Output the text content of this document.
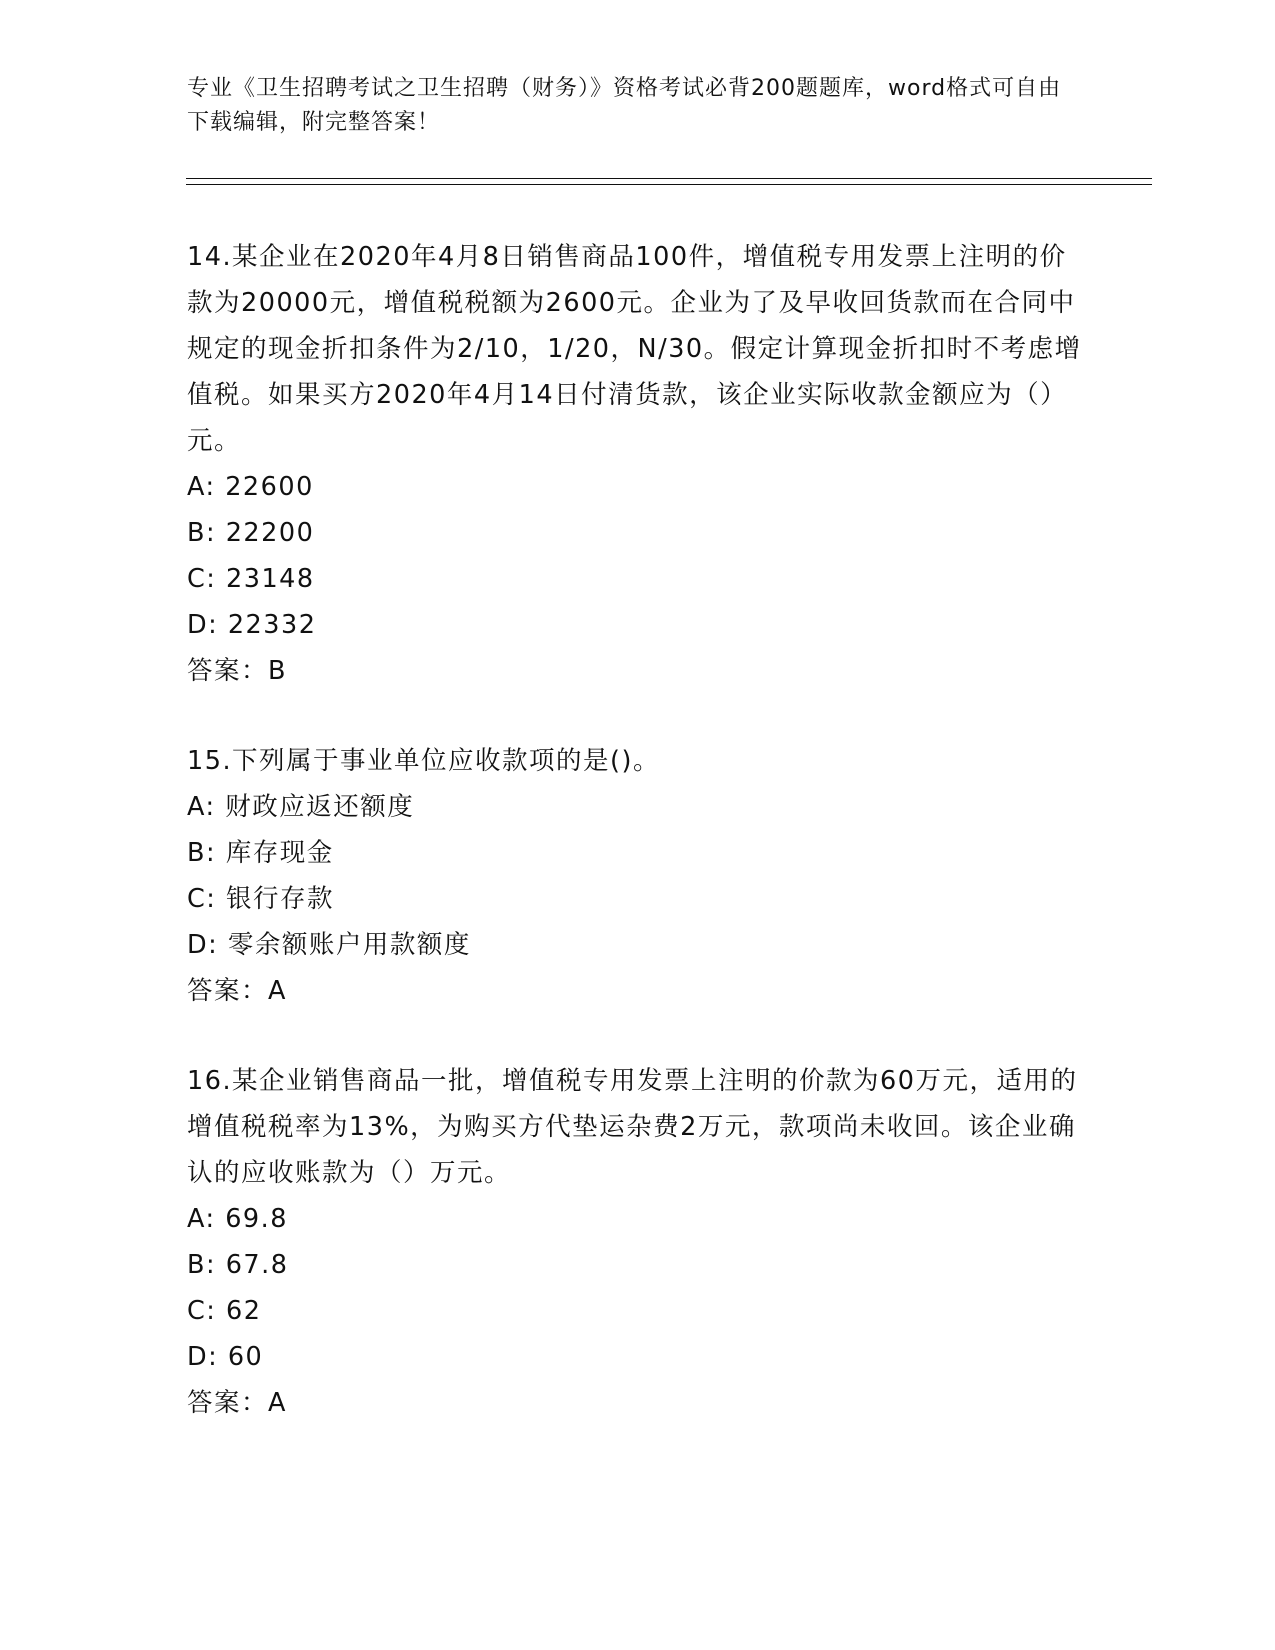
专业《卫生招聘考试之卫生招聘（财务）》资格考试必背200题题库，word格式可自由下载编辑，附完整答案！
14.某企业在2020年4月8日销售商品100件，增值税专用发票上注明的价款为20000元，增值税税额为2600元。企业为了及早收回货款而在合同中规定的现金折扣条件为2/10，1/20，N/30。假定计算现金折扣时不考虑增值税。如果买方2020年4月14日付清货款，该企业实际收款金额应为（）元。
A: 22600
B: 22200
C: 23148
D: 22332
答案：B
15.下列属于事业单位应收款项的是()。
A: 财政应返还额度
B: 库存现金
C: 银行存款
D: 零余额账户用款额度
答案：A
16.某企业销售商品一批，增值税专用发票上注明的价款为60万元，适用的增值税税率为13%，为购买方代垫运杂费2万元，款项尚未收回。该企业确认的应收账款为（）万元。
A: 69.8
B: 67.8
C: 62
D: 60
答案：A
